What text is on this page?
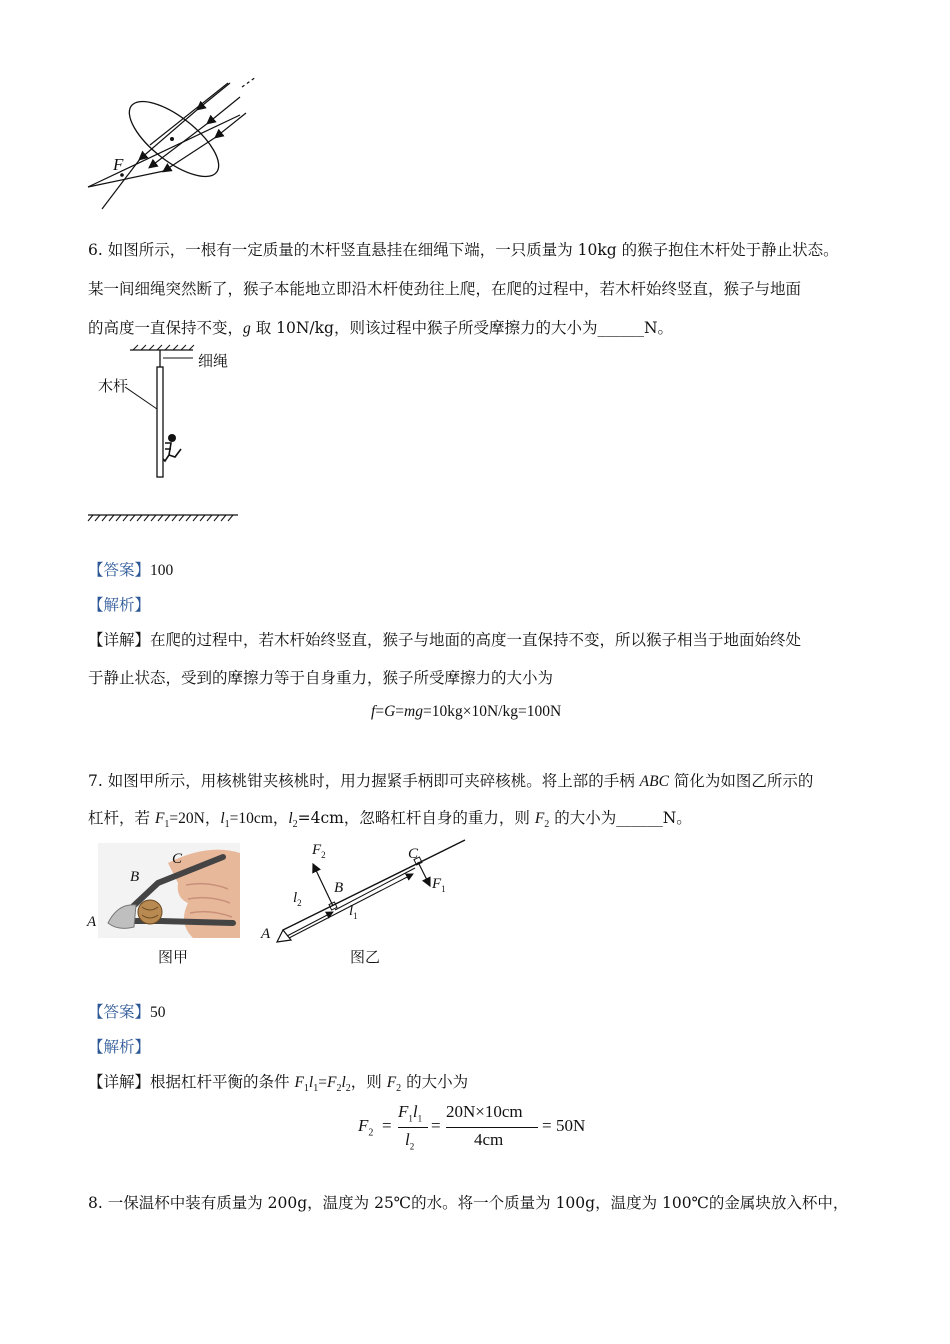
F
6. 如图所示，一根有一定质量的木杆竖直悬挂在细绳下端，一只质量为 10kg 的猴子抱住木杆处于静止状态。
某一间细绳突然断了，猴子本能地立即沿木杆使劲往上爬，在爬的过程中，若木杆始终竖直，猴子与地面
的高度一直保持不变，g 取 10N/kg，则该过程中猴子所受摩擦力的大小为______N。
细绳
木杆
【答案】100
【解析】
【详解】在爬的过程中，若木杆始终竖直，猴子与地面的高度一直保持不变，所以猴子相当于地面始终处
于静止状态，受到的摩擦力等于自身重力，猴子所受摩擦力的大小为
f=G=mg=10kg×10N/kg=100N
7. 如图甲所示，用核桃钳夹核桃时，用力握紧手柄即可夹碎核桃。将上部的手柄 ABC 简化为如图乙所示的
杠杆，若 $F_1=20N$，$l_1=10cm$，$l_2=4cm$，忽略杠杆自身的重力，则 $F_2$ 的大小为______N。
A
B
C
图甲
A
B
C
$F_2$
$F_1$
$l_2$	$l_1$
图乙
【答案】50
【解析】
【详解】根据杠杆平衡的条件 $F_1l_1=F_2l_2$，则 $F_2$ 的大小为
$F_2$ =
$F_1l_1$
$l_2$
=
20N×10cm
4cm
= 50N
8. 一保温杯中装有质量为 200g，温度为 25℃的水。将一个质量为 100g，温度为 100℃的金属块放入杯中，
